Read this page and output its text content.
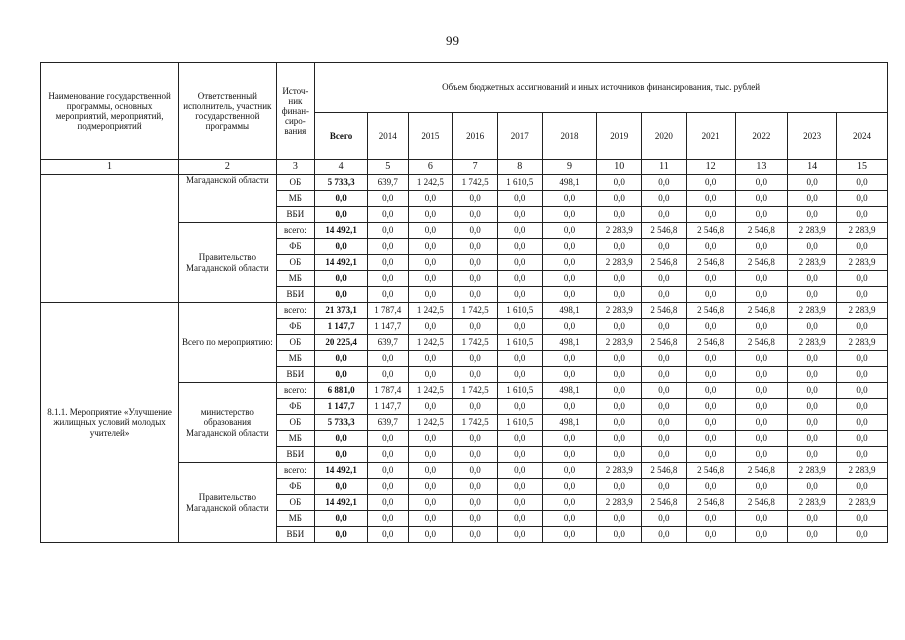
99
Наименование государственной программы, основных мероприятий, мероприятий, подмероприятий	Ответственный исполнитель, участник государственной программы	Источ-ник финан-сиро-вания	Объем бюджетных ассигнований и иных источников финансирования, тыс. рублей											
			Всего	2014	2015	2016	2017	2018	2019	2020	2021	2022	2023	2024
1	2	3	4	5	6	7	8	9	10	11	12	13	14	15
	Магаданской области	ОБ	5 733,3	639,7	1 242,5	1 742,5	1 610,5	498,1	0,0	0,0	0,0	0,0	0,0	0,0
		МБ	0,0	0,0	0,0	0,0	0,0	0,0	0,0	0,0	0,0	0,0	0,0	0,0
		ВБИ	0,0	0,0	0,0	0,0	0,0	0,0	0,0	0,0	0,0	0,0	0,0	0,0
	Правительство Магаданской области	всего:	14 492,1	0,0	0,0	0,0	0,0	0,0	2 283,9	2 546,8	2 546,8	2 546,8	2 283,9	2 283,9
		ФБ	0,0	0,0	0,0	0,0	0,0	0,0	0,0	0,0	0,0	0,0	0,0	0,0
		ОБ	14 492,1	0,0	0,0	0,0	0,0	0,0	2 283,9	2 546,8	2 546,8	2 546,8	2 283,9	2 283,9
		МБ	0,0	0,0	0,0	0,0	0,0	0,0	0,0	0,0	0,0	0,0	0,0	0,0
		ВБИ	0,0	0,0	0,0	0,0	0,0	0,0	0,0	0,0	0,0	0,0	0,0	0,0
8.1.1. Мероприятие «Улучшение жилищных условий молодых учителей»	Всего по мероприятию:	всего:	21 373,1	1 787,4	1 242,5	1 742,5	1 610,5	498,1	2 283,9	2 546,8	2 546,8	2 546,8	2 283,9	2 283,9
		ФБ	1 147,7	1 147,7	0,0	0,0	0,0	0,0	0,0	0,0	0,0	0,0	0,0	0,0
		ОБ	20 225,4	639,7	1 242,5	1 742,5	1 610,5	498,1	2 283,9	2 546,8	2 546,8	2 546,8	2 283,9	2 283,9
		МБ	0,0	0,0	0,0	0,0	0,0	0,0	0,0	0,0	0,0	0,0	0,0	0,0
		ВБИ	0,0	0,0	0,0	0,0	0,0	0,0	0,0	0,0	0,0	0,0	0,0	0,0
	министерство образования Магаданской области	всего:	6 881,0	1 787,4	1 242,5	1 742,5	1 610,5	498,1	0,0	0,0	0,0	0,0	0,0	0,0
		ФБ	1 147,7	1 147,7	0,0	0,0	0,0	0,0	0,0	0,0	0,0	0,0	0,0	0,0
		ОБ	5 733,3	639,7	1 242,5	1 742,5	1 610,5	498,1	0,0	0,0	0,0	0,0	0,0	0,0
		МБ	0,0	0,0	0,0	0,0	0,0	0,0	0,0	0,0	0,0	0,0	0,0	0,0
		ВБИ	0,0	0,0	0,0	0,0	0,0	0,0	0,0	0,0	0,0	0,0	0,0	0,0
	Правительство Магаданской области	всего:	14 492,1	0,0	0,0	0,0	0,0	0,0	2 283,9	2 546,8	2 546,8	2 546,8	2 283,9	2 283,9
		ФБ	0,0	0,0	0,0	0,0	0,0	0,0	0,0	0,0	0,0	0,0	0,0	0,0
		ОБ	14 492,1	0,0	0,0	0,0	0,0	0,0	2 283,9	2 546,8	2 546,8	2 546,8	2 283,9	2 283,9
		МБ	0,0	0,0	0,0	0,0	0,0	0,0	0,0	0,0	0,0	0,0	0,0	0,0
		ВБИ	0,0	0,0	0,0	0,0	0,0	0,0	0,0	0,0	0,0	0,0	0,0	0,0
